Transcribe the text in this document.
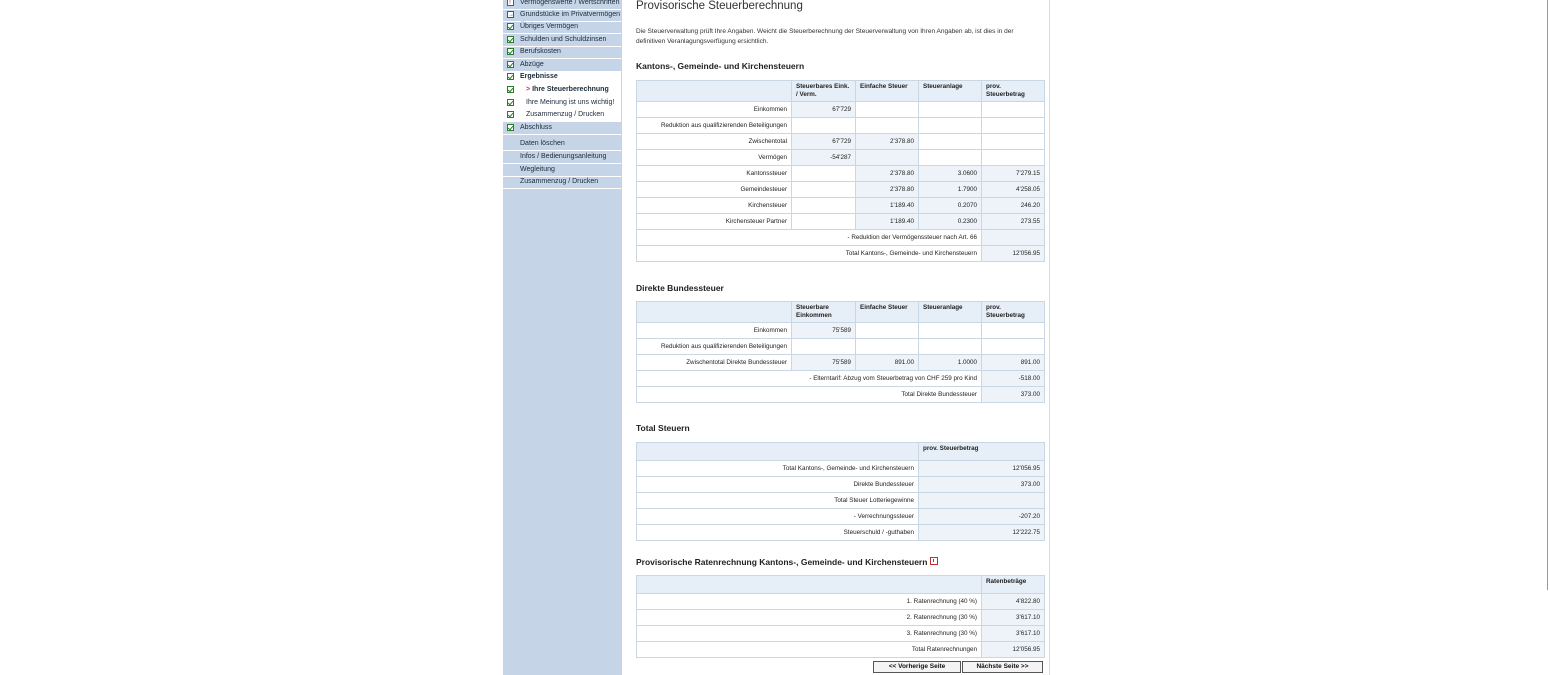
!
Vermögenswerte / Wertschriften
→
Grundstücke im Privatvermögen
Übriges Vermögen
Schulden und Schuldzinsen
Berufskosten
Abzüge
Ergebnisse
> Ihre Steuerberechnung
Ihre Meinung ist uns wichtig!
Zusammenzug / Drucken
Abschluss
Daten löschen
Infos / Bedienungsanleitung
Wegleitung
Zusammenzug / Drucken
Provisorische Steuerberechnung
Die Steuerverwaltung prüft Ihre Angaben. Weicht die Steuerberechnung der Steuerverwaltung von Ihren Angaben ab, ist dies in der definitiven Veranlagungsverfügung ersichtlich.
Kantons-, Gemeinde- und Kirchensteuern
	Steuerbares Eink. / Verm.	Einfache Steuer	Steueranlage	prov. Steuerbetrag
Einkommen	67'729			
Reduktion aus qualifizierenden Beteiligungen				
Zwischentotal	67'729	2'378.80		
Vermögen	-54'287			
Kantonssteuer		2'378.80	3.0600	7'279.15
Gemeindesteuer		2'378.80	1.7900	4'258.05
Kirchensteuer		1'189.40	0.2070	246.20
Kirchensteuer Partner		1'189.40	0.2300	273.55
- Reduktion der Vermögenssteuer nach Art. 66				
Total Kantons-, Gemeinde- und Kirchensteuern				12'056.95
Direkte Bundessteuer
	Steuerbare Einkommen	Einfache Steuer	Steueranlage	prov. Steuerbetrag
Einkommen	75'589			
Reduktion aus qualifizierenden Beteiligungen				
Zwischentotal Direkte Bundessteuer	75'589	891.00	1.0000	891.00
- Elterntarif: Abzug vom Steuerbetrag von CHF 259 pro Kind				-518.00
Total Direkte Bundessteuer				373.00
Total Steuern
	prov. Steuerbetrag
Total Kantons-, Gemeinde- und Kirchensteuern	12'056.95
Direkte Bundessteuer	373.00
Total Steuer Lotteriegewinne	
- Verrechnungssteuer	-207.20
Steuerschuld / -guthaben	12'222.75
Provisorische Ratenrechnung Kantons-, Gemeinde- und Kirchensteuern
	Ratenbeträge
1. Ratenrechnung (40 %)	4'822.80
2. Ratenrechnung (30 %)	3'617.10
3. Ratenrechnung (30 %)	3'617.10
Total Ratenrechnungen	12'056.95
<< Vorherige Seite	Nächste Seite >>
